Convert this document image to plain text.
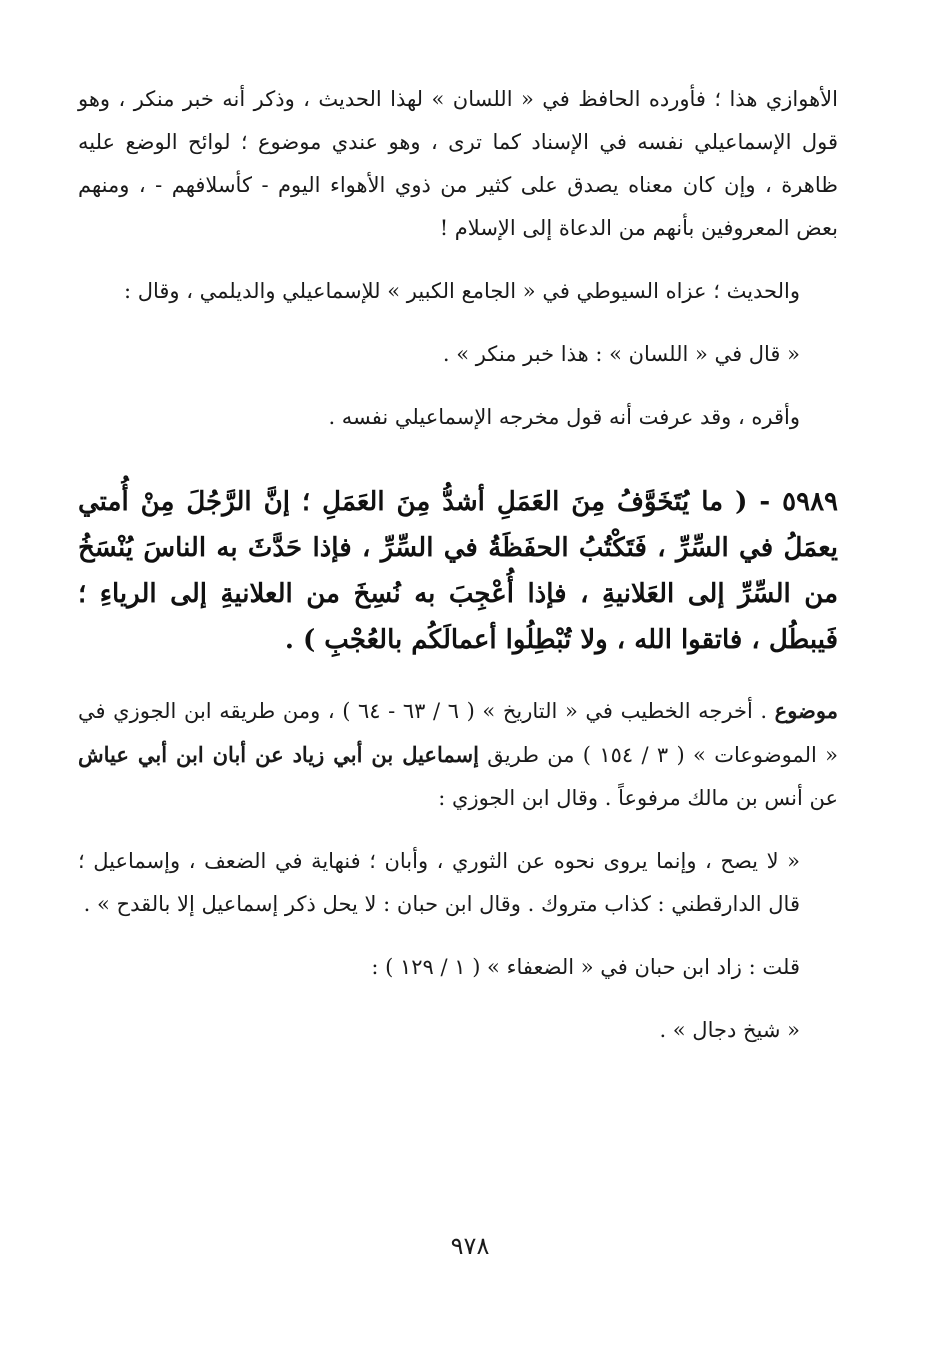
الأهوازي هذا ؛ فأورده الحافظ في « اللسان » لهذا الحديث ، وذكر أنه خبر منكر ، وهو قول الإسماعيلي نفسه في الإسناد كما ترى ، وهو عندي موضوع ؛ لوائح الوضع عليه ظاهرة ، وإن كان معناه يصدق على كثير من ذوي الأهواء اليوم - كأسلافهم - ، ومنهم بعض المعروفين بأنهم من الدعاة إلى الإسلام !

والحديث ؛ عزاه السيوطي في « الجامع الكبير » للإسماعيلي والديلمي ، وقال :

« قال في « اللسان » : هذا خبر منكر » .

وأقره ، وقد عرفت أنه قول مخرجه الإسماعيلي نفسه .

٥٩٨٩ - ( ما يُتَخَوَّفُ مِنَ العَمَلِ أشدُّ مِنَ العَمَلِ ؛ إنَّ الرَّجُلَ مِنْ أُمتي يعمَلُ في السِّرِّ ، فَتَكْتُبُ الحفَظَةُ في السِّرِّ ، فإذا حَدَّثَ به الناسَ يُنْسَخُ من السِّرِّ إلى العَلانيةِ ، فإذا أُعْجِبَ به نُسِخَ من العلانيةِ إلى الرياءِ ؛ فَيبطُل ، فاتقوا الله ، ولا تُبْطِلُوا أعمالَكُم بالعُجْبِ ) .

موضوع . أخرجه الخطيب في « التاريخ » ( ٦ / ٦٣ - ٦٤ ) ، ومن طريقه ابن الجوزي في « الموضوعات » ( ٣ / ١٥٤ ) من طريق إسماعيل بن أبي زياد عن أبان ابن أبي عياش عن أنس بن مالك مرفوعاً . وقال ابن الجوزي :

« لا يصح ، وإنما يروى نحوه عن الثوري ، وأبان ؛ فنهاية في الضعف ، وإسماعيل ؛ قال الدارقطني : كذاب متروك . وقال ابن حبان : لا يحل ذكر إسماعيل إلا بالقدح » .

قلت : زاد ابن حبان في « الضعفاء » ( ١ / ١٢٩ ) :

« شيخ دجال » .

٩٧٨
